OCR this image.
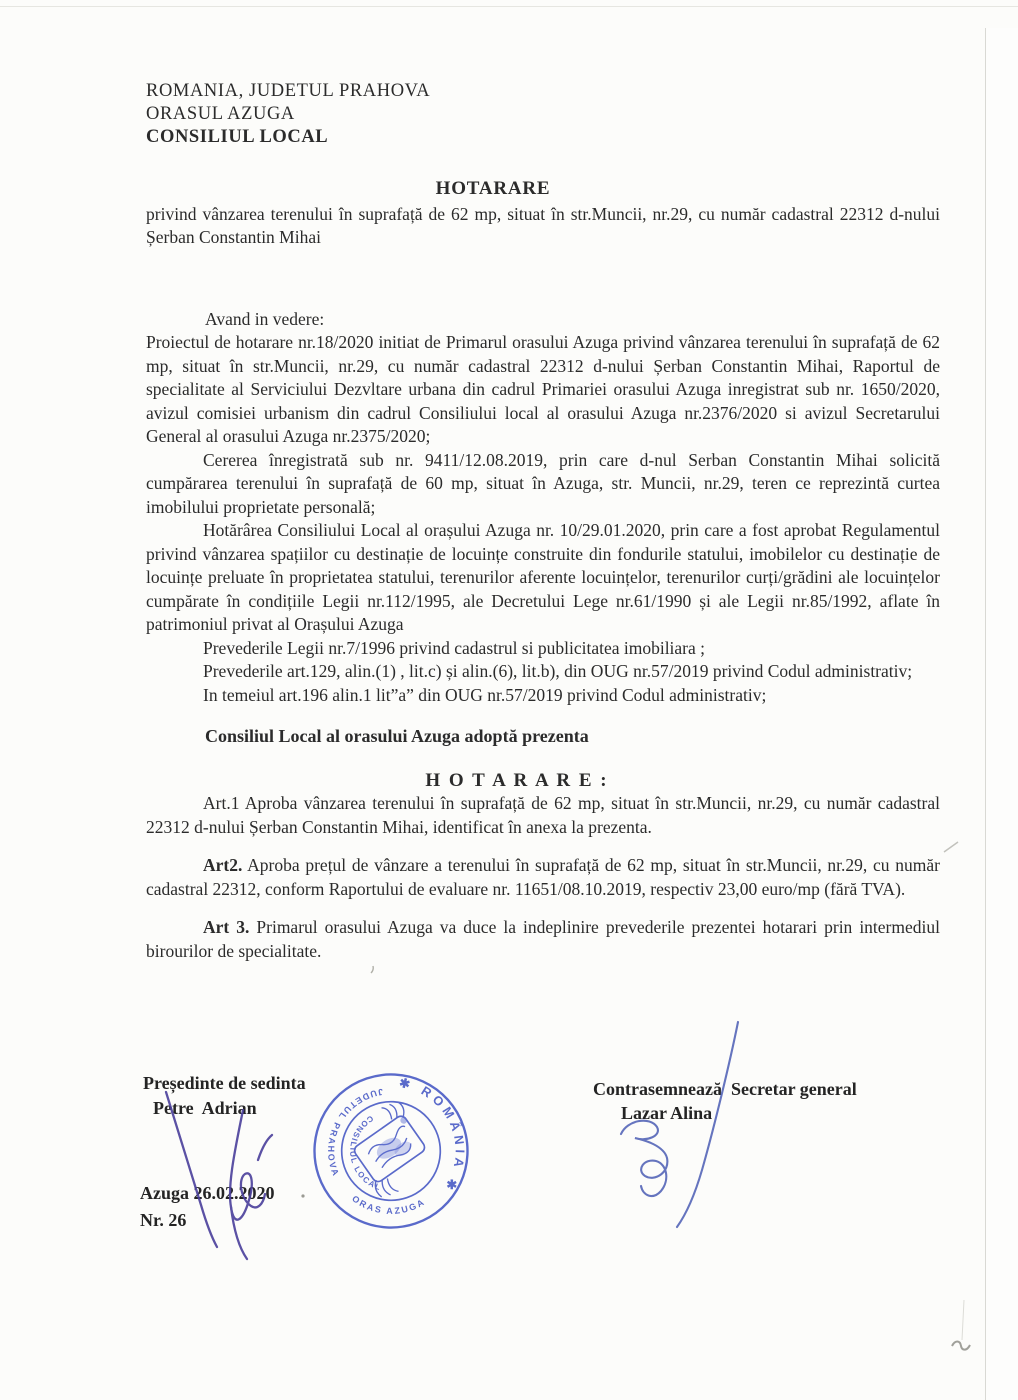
ROMANIA, JUDETUL PRAHOVA
ORASUL AZUGA
CONSILIUL LOCAL
HOTARARE
privind vânzarea terenului în suprafață de 62 mp, situat în str.Muncii, nr.29, cu număr cadastral 22312 d-nului Șerban Constantin Mihai
Avand in vedere:

Proiectul de hotarare nr.18/2020 initiat de Primarul orasului Azuga privind vânzarea terenului în suprafață de 62 mp, situat în str.Muncii, nr.29, cu număr cadastral 22312 d-nului Șerban Constantin Mihai, Raportul de specialitate al Serviciului Dezvltare urbana din cadrul Primariei orasului Azuga inregistrat sub nr. 1650/2020, avizul comisiei urbanism din cadrul Consiliului local al orasului Azuga nr.2376/2020 si avizul Secretarului General al orasului Azuga nr.2375/2020;

Cererea înregistrată sub nr. 9411/12.08.2019, prin care d-nul Serban Constantin Mihai solicită cumpărarea terenului în suprafață de 60 mp, situat în Azuga, str. Muncii, nr.29, teren ce reprezintă curtea imobilului proprietate personală;

Hotărârea Consiliului Local al orașului Azuga nr. 10/29.01.2020, prin care a fost aprobat Regulamentul privind vânzarea spațiilor cu destinație de locuințe construite din fondurile statului, imobilelor cu destinație de locuințe preluate în proprietatea statului, terenurilor aferente locuințelor, terenurilor curți/grădini ale locuințelor cumpărate în condițiile Legii nr.112/1995, ale Decretului Lege nr.61/1990 și ale Legii nr.85/1992, aflate în patrimoniul privat al Orașului Azuga

Prevederile Legii nr.7/1996 privind cadastrul si publicitatea imobiliara ;

Prevederile art.129, alin.(1) , lit.c) și alin.(6), lit.b), din OUG nr.57/2019 privind Codul administrativ;

In temeiul art.196 alin.1 lit”a” din OUG nr.57/2019 privind Codul administrativ;

Consiliul Local al orasului Azuga adoptă prezenta
H O T A R A R E :

Art.1 Aproba vânzarea terenului în suprafață de 62 mp, situat în str.Muncii, nr.29, cu număr cadastral 22312 d-nului Șerban Constantin Mihai, identificat în anexa la prezenta.

Art2. Aproba prețul de vânzare a terenului în suprafață de 62 mp, situat în str.Muncii, nr.29, cu număr cadastral 22312, conform Raportului de evaluare nr. 11651/08.10.2019, respectiv 23,00 euro/mp (fără TVA).

Art 3. Primarul orasului Azuga va duce la indeplinire prevederile prezentei hotarari prin intermediul birourilor de specialitate.

Președinte de sedinta
Petre  Adrian
Azuga 26.02.2020
Nr. 26
Contrasemnează  Secretar general
Lazar Alina
✱ ROMÂNIA ✱
JUDETUL PRAHOVA
ORAS AZUGA
CONSILIUL LOCAL
